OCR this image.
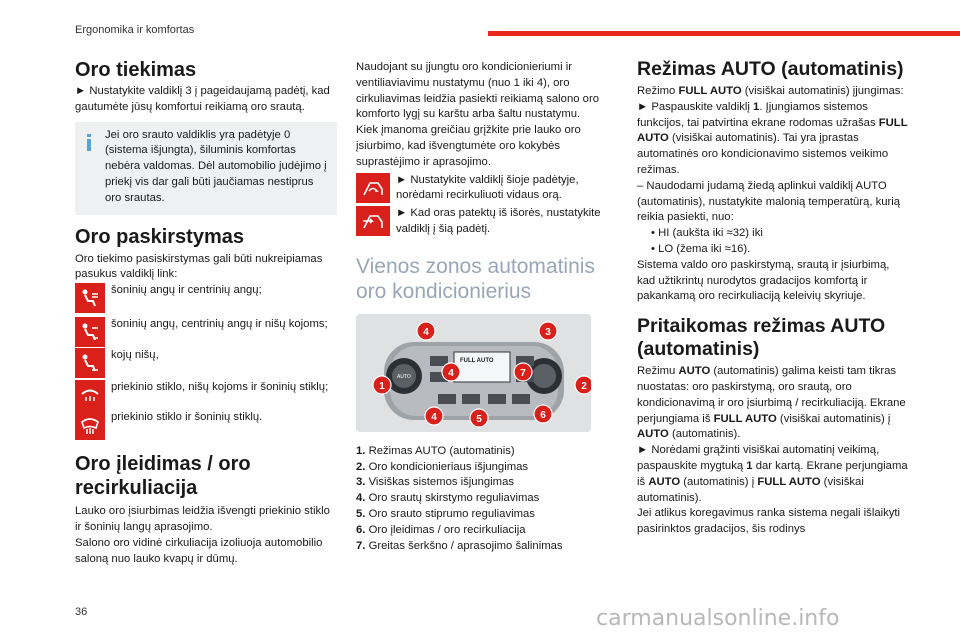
Ergonomika ir komfortas
Oro tiekimas

► Nustatykite valdiklį 3 į pageidaujamą padėtį, kad gautumėte jūsų komfortui reikiamą oro srautą.

Jei oro srauto valdiklis yra padėtyje 0 (sistema išjungta), šiluminis komfortas nebėra valdomas. Dėl automobilio judėjimo į priekį vis dar gali būti jaučiamas nestiprus oro srautas.
Oro paskirstymas

Oro tiekimo pasiskirstymas gali būti nukreipiamas pasukus valdiklį link:

šoninių angų ir centrinių angų;
šoninių angų, centrinių angų ir nišų kojoms;
kojų nišų,
priekinio stiklo, nišų kojoms ir šoninių stiklų;
priekinio stiklo ir šoninių stiklų.
Oro įleidimas / oro recirkuliacija

Lauko oro įsiurbimas leidžia išvengti priekinio stiklo ir šoninių langų aprasojimo.

Salono oro vidinė cirkuliacija izoliuoja automobilio saloną nuo lauko kvapų ir dūmų.

Naudojant su įjungtu oro kondicionieriumi ir ventiliaviavimu nustatymu (nuo 1 iki 4), oro cirkuliavimas leidžia pasiekti reikiamą salono oro komforto lygį su karštu arba šaltu nustatymu.

Kiek įmanoma greičiau grįžkite prie lauko oro įsiurbimo, kad išvengtumėte oro kokybės suprastėjimo ir aprasojimo.

► Nustatykite valdiklį šioje padėtyje, norėdami recirkuliuoti vidaus orą.
► Kad oras patektų iš išorės, nustatykite valdiklį į šią padėtį.
Vienos zonos automatinis oro kondicionierius
FULL AUTO
AUTO
4	3
1
4	7
2
4	5	6
1. Režimas AUTO (automatinis)
2. Oro kondicionieriaus išjungimas
3. Visiškas sistemos išjungimas
4. Oro srautų skirstymo reguliavimas
5. Oro srauto stiprumo reguliavimas
6. Oro įleidimas / oro recirkuliacija
7. Greitas šerkšno / aprasojimo šalinimas
Režimas AUTO (automatinis)

Režimo FULL AUTO (visiškai automatinis) įjungimas:

► Paspauskite valdiklį 1. Įjungiamos sistemos funkcijos, tai patvirtina ekrane rodomas užrašas FULL AUTO (visiškai automatinis). Tai yra įprastas automatinės oro kondicionavimo sistemos veikimo režimas.

– Naudodami judamą žiedą aplinkui valdiklį AUTO (automatinis), nustatykite malonią temperatūrą, kurią reikia pasiekti, nuo:

• HI (aukšta iki ≈32) iki

• LO (žema iki ≈16).

Sistema valdo oro paskirstymą, srautą ir įsiurbimą, kad užtikrintų nurodytos gradacijos komfortą ir pakankamą oro recirkuliaciją keleivių skyriuje.

Pritaikomas režimas AUTO (automatinis)

Režimu AUTO (automatinis) galima keisti tam tikras nuostatas: oro paskirstymą, oro srautą, oro kondicionavimą ir oro įsiurbimą / recirkuliaciją. Ekrane perjungiama iš FULL AUTO (visiškai automatinis) į AUTO (automatinis).

► Norėdami grąžinti visiškai automatinį veikimą, paspauskite mygtuką 1 dar kartą. Ekrane perjungiama iš AUTO (automatinis) į FULL AUTO (visiškai automatinis).

Jei atlikus koregavimus ranka sistema negali išlaikyti pasirinktos gradacijos, šis rodinys

36	carmanualsonline.info
